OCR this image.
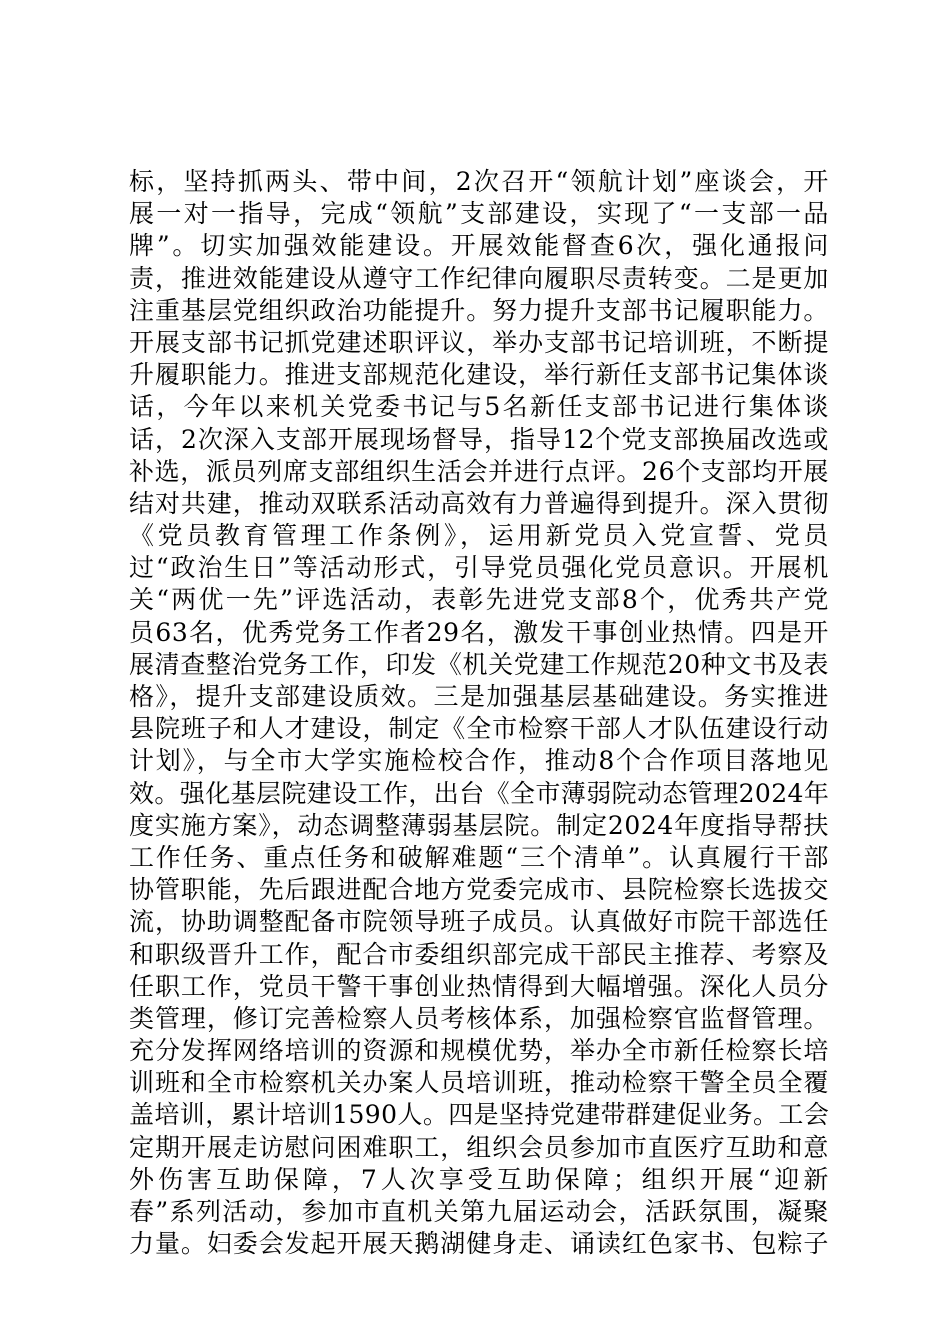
标，坚持抓两头、带中间，2次召开“领航计划”座谈会，开
展一对一指导，完成“领航”支部建设，实现了“一支部一品
牌”。切实加强效能建设。开展效能督查6次，强化通报问
责，推进效能建设从遵守工作纪律向履职尽责转变。二是更加
注重基层党组织政治功能提升。努力提升支部书记履职能力。
开展支部书记抓党建述职评议，举办支部书记培训班，不断提
升履职能力。推进支部规范化建设，举行新任支部书记集体谈
话，今年以来机关党委书记与5名新任支部书记进行集体谈
话，2次深入支部开展现场督导，指导12个党支部换届改选或
补选，派员列席支部组织生活会并进行点评。26个支部均开展
结对共建，推动双联系活动高效有力普遍得到提升。深入贯彻
《党员教育管理工作条例》，运用新党员入党宣誓、党员
过“政治生日”等活动形式，引导党员强化党员意识。开展机
关“两优一先”评选活动，表彰先进党支部8个，优秀共产党
员63名，优秀党务工作者29名，激发干事创业热情。四是开
展清查整治党务工作，印发《机关党建工作规范20种文书及表
格》，提升支部建设质效。三是加强基层基础建设。务实推进
县院班子和人才建设，制定《全市检察干部人才队伍建设行动
计划》，与全市大学实施检校合作，推动8个合作项目落地见
效。强化基层院建设工作，出台《全市薄弱院动态管理2024年
度实施方案》，动态调整薄弱基层院。制定2024年度指导帮扶
工作任务、重点任务和破解难题“三个清单”。认真履行干部
协管职能，先后跟进配合地方党委完成市、县院检察长选拔交
流，协助调整配备市院领导班子成员。认真做好市院干部选任
和职级晋升工作，配合市委组织部完成干部民主推荐、考察及
任职工作，党员干警干事创业热情得到大幅增强。深化人员分
类管理，修订完善检察人员考核体系，加强检察官监督管理。
充分发挥网络培训的资源和规模优势，举办全市新任检察长培
训班和全市检察机关办案人员培训班，推动检察干警全员全覆
盖培训，累计培训1590人。四是坚持党建带群建促业务。工会
定期开展走访慰问困难职工，组织会员参加市直医疗互助和意
外伤害互助保障，7人次享受互助保障；组织开展“迎新
春”系列活动，参加市直机关第九届运动会，活跃氛围，凝聚
力量。妇委会发起开展天鹅湖健身走、诵读红色家书、包粽子
